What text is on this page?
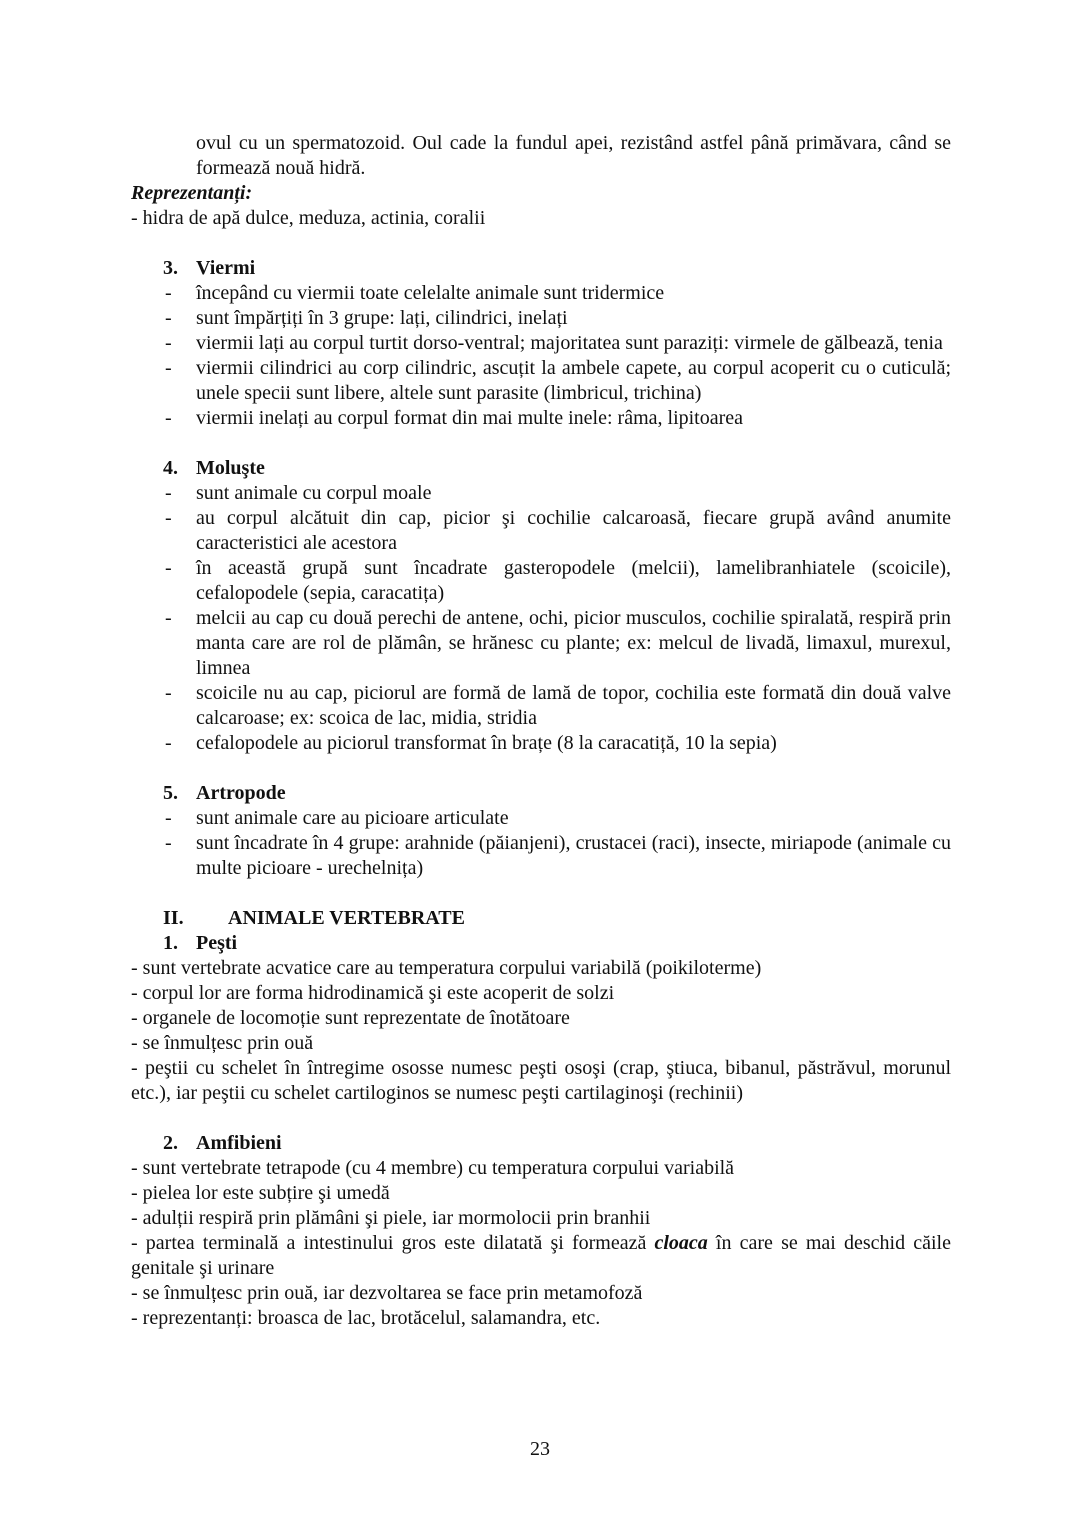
ovul cu un spermatozoid. Oul cade la fundul apei, rezistând astfel până primăvara, când se formează nouă hidră.

Reprezentanți:

- hidra de apă dulce, meduza, actinia, coralii

3. Viermi
-	începând cu viermii toate celelalte animale sunt tridermice
-	sunt împărțiți în 3 grupe: lați, cilindrici, inelați
-	viermii lați au corpul turtit dorso-ventral; majoritatea sunt paraziți: virmele de gălbează, tenia
-	viermii cilindrici au corp cilindric, ascuțit la ambele capete, au corpul acoperit cu o cuticulă; unele specii sunt libere, altele sunt parasite (limbricul, trichina)
-	viermii inelați au corpul format din mai multe inele: râma, lipitoarea
4. Moluşte
-	sunt animale cu corpul moale
-	au corpul alcătuit din cap, picior şi cochilie calcaroasă, fiecare grupă având anumite caracteristici ale acestora
-	în această grupă sunt încadrate gasteropodele (melcii), lamelibranhiatele (scoicile), cefalopodele (sepia, caracatița)
-	melcii au cap cu două perechi de antene, ochi, picior musculos, cochilie spiralată, respiră prin manta care are rol de plămân, se hrănesc cu plante; ex: melcul de livadă, limaxul, murexul, limnea
-	scoicile nu au cap, piciorul are formă de lamă de topor, cochilia este formată din două valve calcaroase; ex: scoica de lac, midia, stridia
-	cefalopodele au piciorul transformat în brațe (8 la caracatiță, 10 la sepia)
5. Artropode
-	sunt animale care au picioare articulate
-	sunt încadrate în 4 grupe: arahnide (păianjeni), crustacei (raci), insecte, miriapode (animale cu multe picioare - urechelnița)
II.	ANIMALE VERTEBRATE
1. Peşti

- sunt vertebrate acvatice care au temperatura corpului variabilă (poikiloterme)

- corpul lor are forma hidrodinamică şi este acoperit de solzi

- organele de locomoție sunt reprezentate de înotătoare

- se înmulțesc prin ouă

- peştii cu schelet în întregime ososse numesc peşti osoşi (crap, ştiuca, bibanul, păstrăvul, morunul etc.), iar peştii cu schelet cartiloginos se numesc peşti cartilaginoşi (rechinii)

2. Amfibieni

- sunt vertebrate tetrapode (cu 4 membre) cu temperatura corpului variabilă

- pielea lor este subțire şi umedă

- adulții respiră prin plămâni şi piele, iar mormolocii prin branhii

- partea terminală a intestinului gros este dilatată şi formează cloaca în care se mai deschid căile genitale şi urinare

- se înmulțesc prin ouă, iar dezvoltarea se face prin metamofoză

- reprezentanți: broasca de lac, brotăcelul, salamandra, etc.

23
